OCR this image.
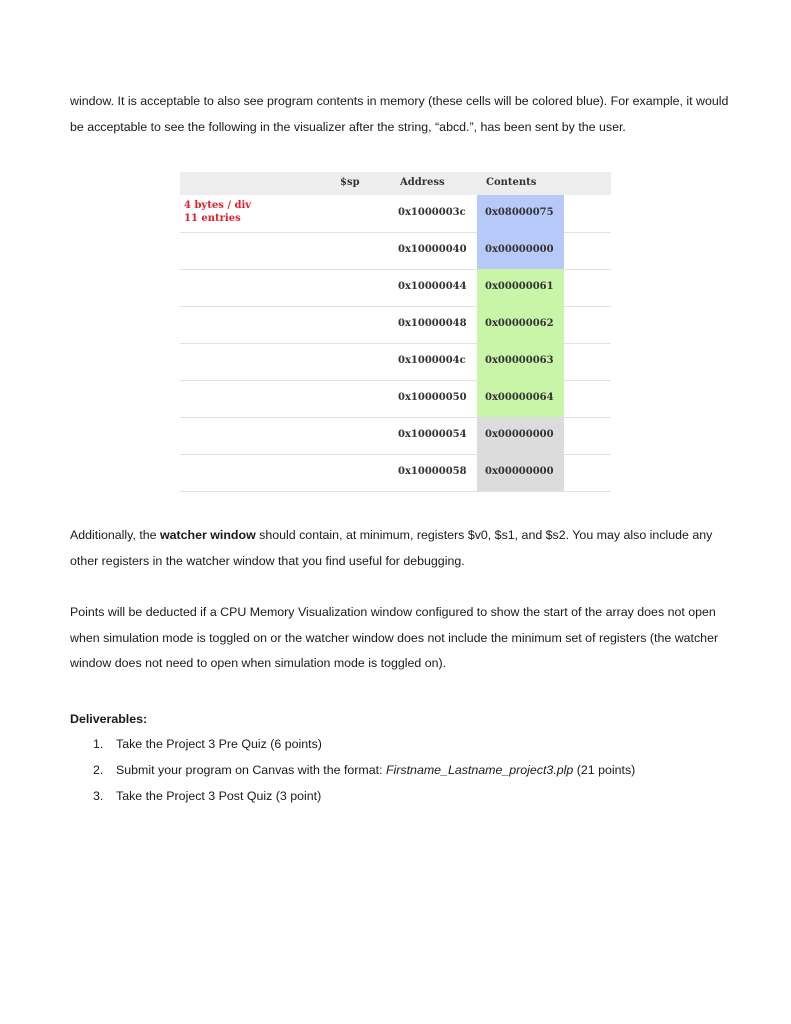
window. It is acceptable to also see program contents in memory (these cells will be colored blue). For example, it would be acceptable to see the following in the visualizer after the string, “abcd.”, has been sent by the user.

$sp	Address	Contents
4 bytes / div
11 entries
0x1000003c 0x08000075
0x10000040 0x00000000
0x10000044 0x00000061
0x10000048 0x00000062
0x1000004c 0x00000063
0x10000050 0x00000064
0x10000054 0x00000000
0x10000058 0x00000000

Additionally, the watcher window should contain, at minimum, registers $v0, $s1, and $s2. You may also include any other registers in the watcher window that you find useful for debugging.

Points will be deducted if a CPU Memory Visualization window configured to show the start of the array does not open when simulation mode is toggled on or the watcher window does not include the minimum set of registers (the watcher window does not need to open when simulation mode is toggled on).

Deliverables:
1. Take the Project 3 Pre Quiz (6 points)
2. Submit your program on Canvas with the format: Firstname_Lastname_project3.plp (21 points)
3. Take the Project 3 Post Quiz (3 point)
